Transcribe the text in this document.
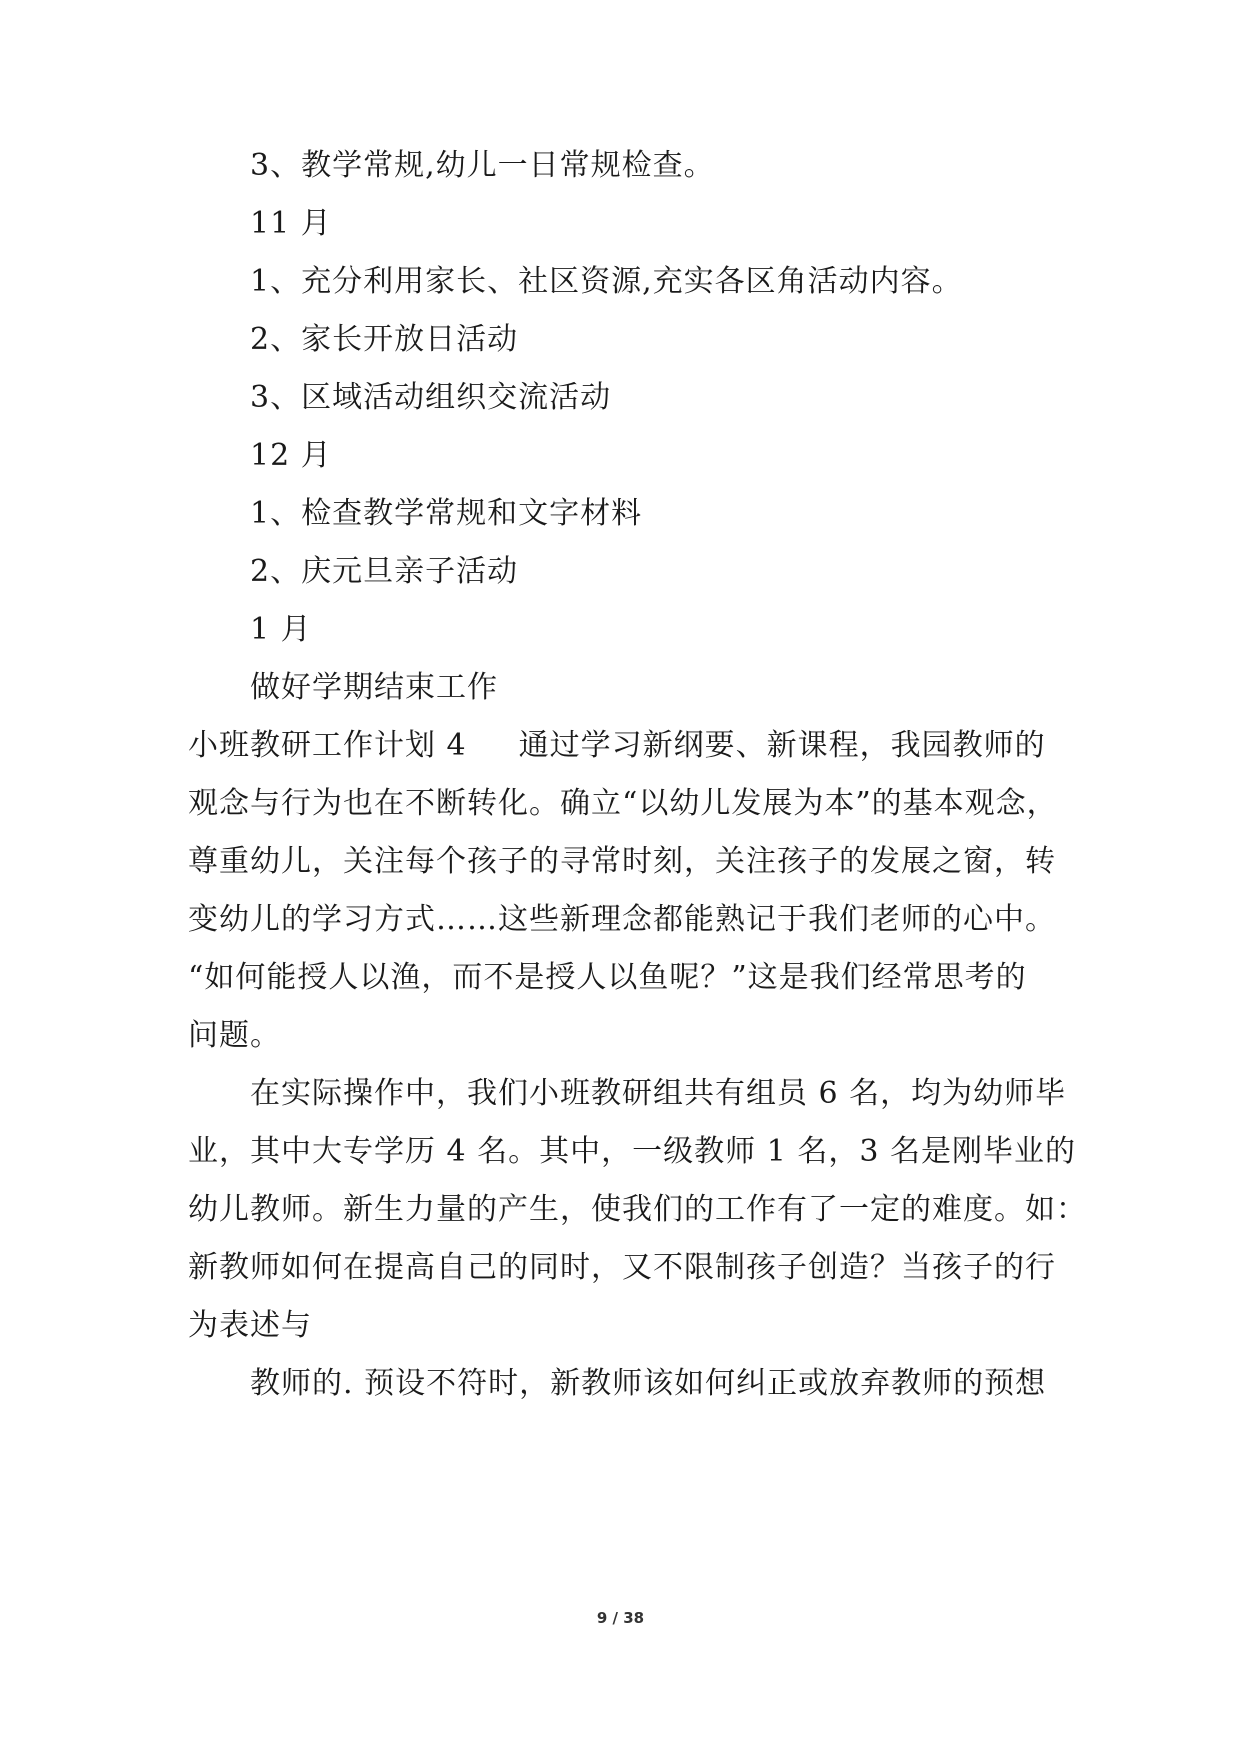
3、教学常规,幼儿一日常规检查。
11 月
1、充分利用家长、社区资源,充实各区角活动内容。
2、家长开放日活动
3、区域活动组织交流活动
12 月
1、检查教学常规和文字材料
2、庆元旦亲子活动
1 月
做好学期结束工作
小班教研工作计划 4 通过学习新纲要、新课程，我园教师的
观念与行为也在不断转化。确立“以幼儿发展为本”的基本观念，
尊重幼儿，关注每个孩子的寻常时刻，关注孩子的发展之窗，转
变幼儿的学习方式……这些新理念都能熟记于我们老师的心中。
“如何能授人以渔，而不是授人以鱼呢？”这是我们经常思考的
问题。
在实际操作中，我们小班教研组共有组员 6 名，均为幼师毕
业，其中大专学历 4 名。其中，一级教师 1 名，3 名是刚毕业的
幼儿教师。新生力量的产生，使我们的工作有了一定的难度。如：
新教师如何在提高自己的同时，又不限制孩子创造？当孩子的行
为表述与
教师的. 预设不符时，新教师该如何纠正或放弃教师的预想
9 / 38
